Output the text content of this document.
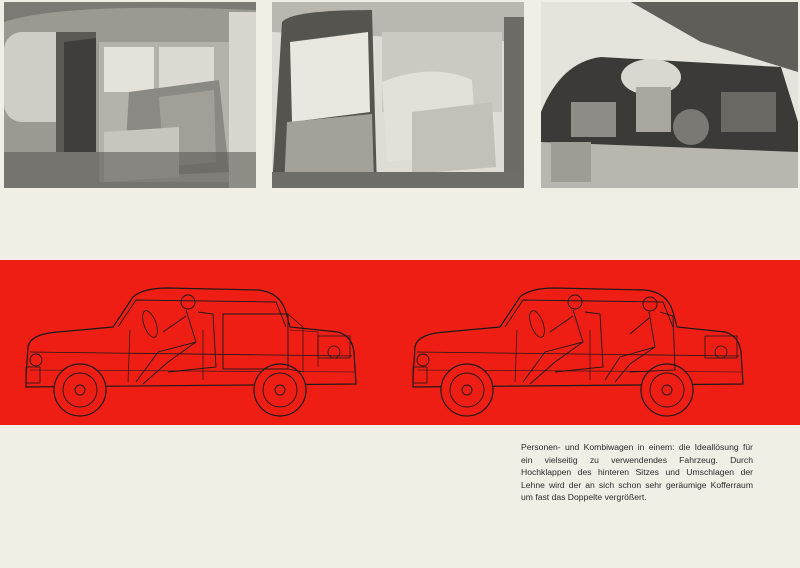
Personen- und Kombiwagen in einem: die Ideallösung für ein vielseitig zu verwendendes Fahrzeug. Durch Hochklappen des hinteren Sitzes und Umschlagen der Lehne wird der an sich schon sehr geräumige Kofferraum um fast das Doppelte vergrößert.
